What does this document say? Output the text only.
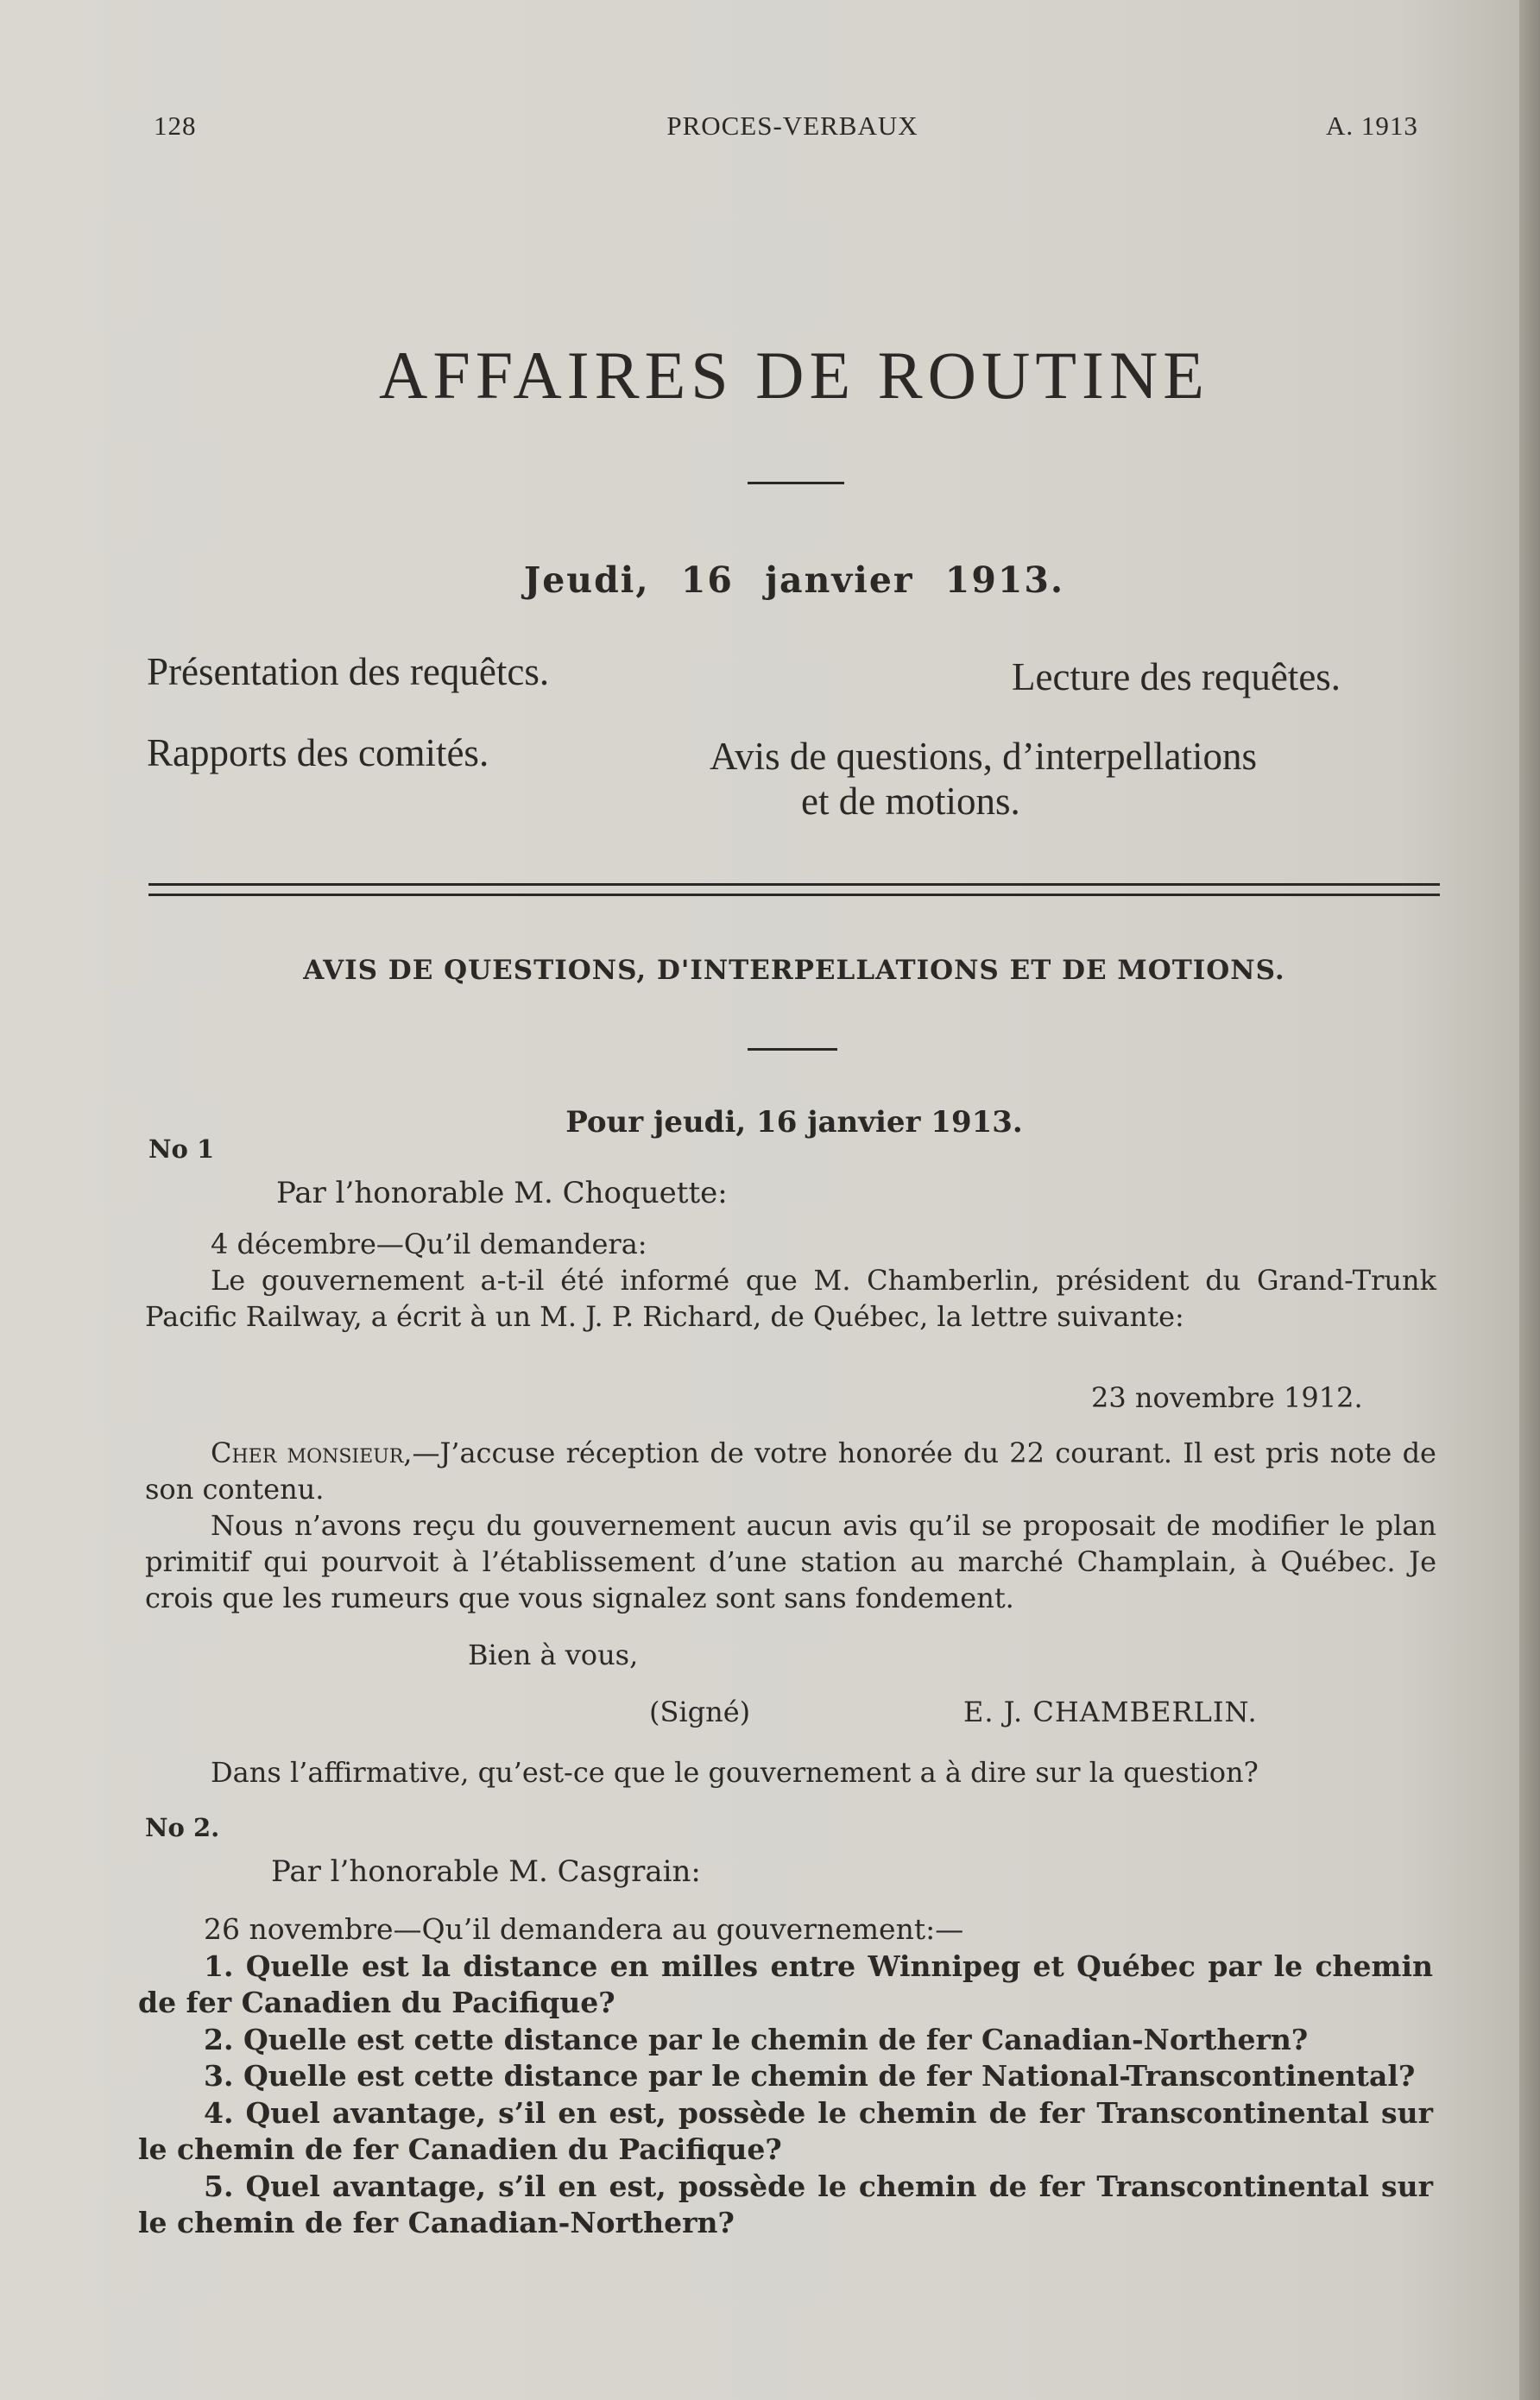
128	PROCES-VERBAUX	A. 1913
AFFAIRES DE ROUTINE
Jeudi, 16 janvier 1913.
Présentation des requêtcs.	Lecture des requêtes.
Rapports des comités.	Avis de questions, d’interpellations
et de motions.
AVIS DE QUESTIONS, D'INTERPELLATIONS ET DE MOTIONS.
Pour jeudi, 16 janvier 1913.
No 1
Par l’honorable M. Choquette:

4 décembre—Qu’il demandera:

Le gouvernement a-t-il été informé que M. Chamberlin, président du Grand-Trunk Pacific Railway, a écrit à un M. J. P. Richard, de Québec, la lettre suivante:

23 novembre 1912.

Cher monsieur,—J’accuse réception de votre honorée du 22 courant. Il est pris note de son contenu.

Nous n’avons reçu du gouvernement aucun avis qu’il se proposait de modifier le plan primitif qui pourvoit à l’établissement d’une station au marché Champlain, à Québec. Je crois que les rumeurs que vous signalez sont sans fondement.

Bien à vous,
(Signé)	E. J. CHAMBERLIN.

Dans l’affirmative, qu’est-ce que le gouvernement a à dire sur la question?

No 2.
Par l’honorable M. Casgrain:

26 novembre—Qu’il demandera au gouvernement:—

1. Quelle est la distance en milles entre Winnipeg et Québec par le chemin de fer Canadien du Pacifique?

2. Quelle est cette distance par le chemin de fer Canadian-Northern?

3. Quelle est cette distance par le chemin de fer National-Transcontinental?

4. Quel avantage, s’il en est, possède le chemin de fer Transcontinental sur le chemin de fer Canadien du Pacifique?

5. Quel avantage, s’il en est, possède le chemin de fer Transcontinental sur le chemin de fer Canadian-Northern?
